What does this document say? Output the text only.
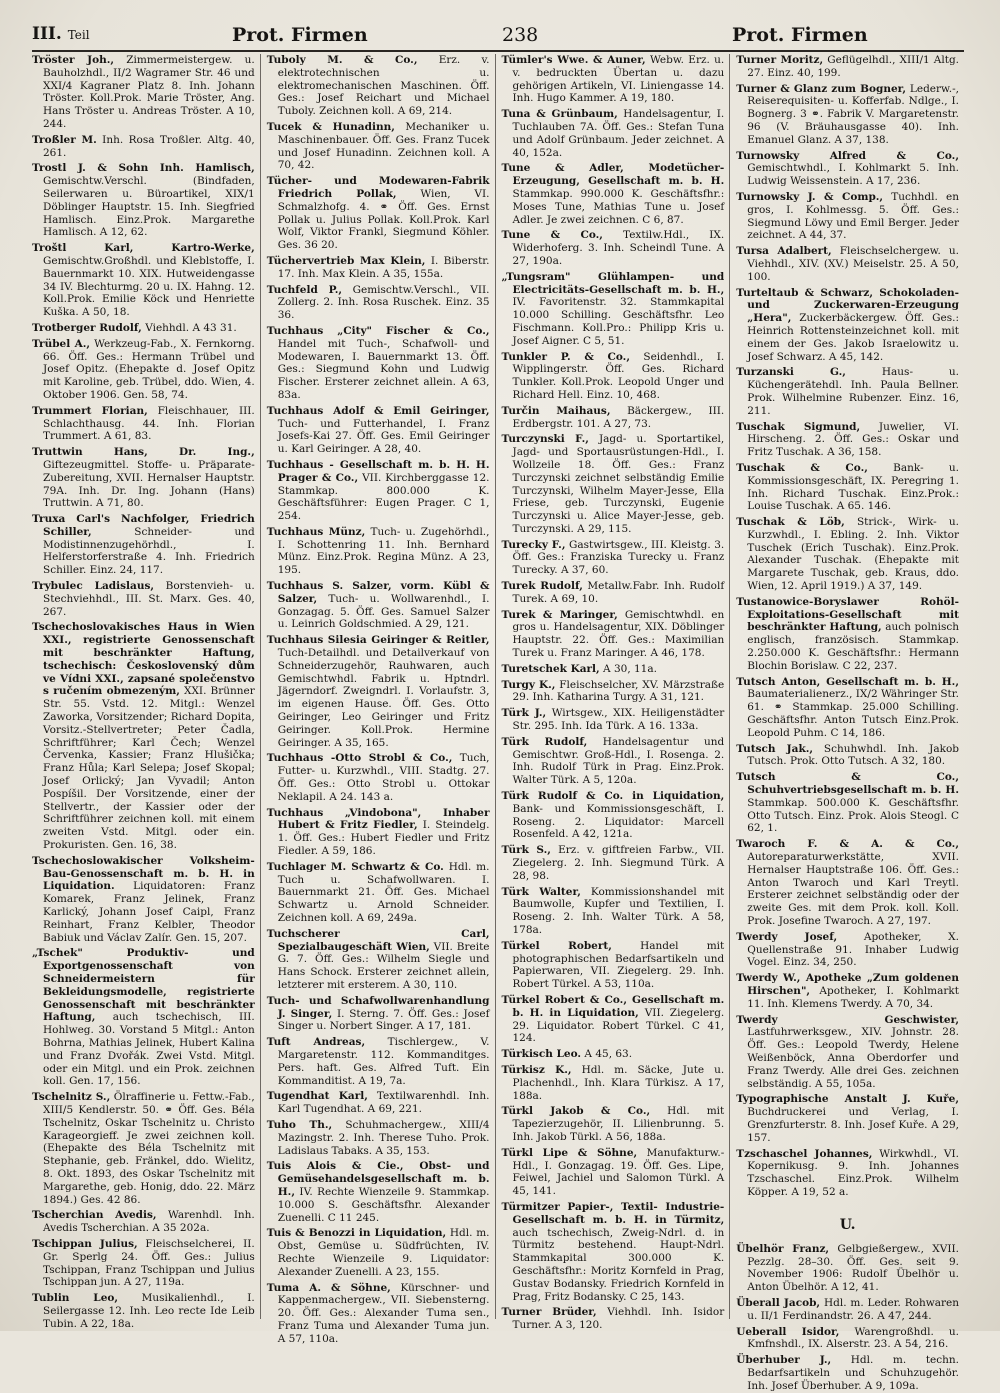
III. Teil	Prot. Firmen	238	Prot. Firmen

Tröster Joh., Zimmermeistergew. u. Bauholzhdl., II/2 Wagramer Str. 46 und XXI/4 Kagraner Platz 8. Inh. Johann Tröster. Koll.Prok. Marie Tröster, Ang. Hans Tröster u. Andreas Tröster. A 10, 244.

Troßler M. Inh. Rosa Troßler. Altg. 40, 261.

Trostl J. & Sohn Inh. Hamlisch, Gemischtw.Verschl. (Bindfaden, Seilerwaren u. Büroartikel, XIX/1 Döblinger Hauptstr. 15. Inh. Siegfried Hamlisch. Einz.Prok. Margarethe Hamlisch. A 12, 62.

Troštl Karl, Kartro-Werke, Gemischtw.Großhdl. und Kleblstoffe, I. Bauernmarkt 10. XIX. Hutweidengasse 34 IV. Blechturmg. 20 u. IX. Hahng. 12. Koll.Prok. Emilie Köck und Henriette Kuška. A 50, 18.

Trotberger Rudolf, Viehhdl. A 43 31.

Trübel A., Werkzeug-Fab., X. Fernkorng. 66. Öff. Ges.: Hermann Trübel und Josef Opitz. (Ehepakte d. Josef Opitz mit Karoline, geb. Trübel, ddo. Wien, 4. Oktober 1906. Gen. 58, 74.

Trummert Florian, Fleischhauer, III. Schlachthausg. 44. Inh. Florian Trummert. A 61, 83.

Truttwin Hans, Dr. Ing., Giftezeugmittel. Stoffe- u. Präparate-Zubereitung, XVII. Hernalser Hauptstr. 79A. Inh. Dr. Ing. Johann (Hans) Truttwin. A 71, 80.

Truxa Carl's Nachfolger, Friedrich Schiller,	Schneider- und Modistinnenzugehörhdl., I. Helferstorferstraße 4. Inh. Friedrich Schiller. Einz. 24, 117.

Trybulec Ladislaus, Borstenvieh- u. Stechviehhdl., III. St. Marx. Ges. 40, 267.

Tschechoslovakisches Haus in Wien XXI., registrierte Genossenschaft mit beschränkter Haftung, tschechisch: Československý dům ve Vídni XXI., zapsané společenstvo s ručením obmezeným, XXI. Brünner Str. 55. Vstd. 12. Mitgl.: Wenzel Zaworka, Vorsitzender; Richard Dopita, Vorsitz.-Stellvertreter; Peter Čadla, Schriftführer; Karl Čech; Wenzel Červenka, Kassier; Franz Hlušička; Franz Hůla; Karl Selepa; Josef Skopal; Josef Orlický; Jan Vyvadil; Anton Pospíšil. Der Vorsitzende, einer der Stellvertr., der Kassier oder der Schriftführer zeichnen koll. mit einem zweiten Vstd. Mitgl. oder ein. Prokuristen. Gen. 16, 38.

Tschechoslowakischer Volksheim-Bau-Genossenschaft m. b. H. in Liquidation. Liquidatoren: Franz Komarek, Franz Jelinek, Franz Karlický, Johann Josef Caipl, Franz Reinhart, Franz Kelbler, Theodor Babiuk und Václav Zalír. Gen. 15, 207.

„Tschek" Produktiv- und Exportgenossenschaft von Schneidermeistern für Bekleidungsmodelle, registrierte Genossenschaft mit beschränkter Haftung, auch tschechisch, III. Hohlweg. 30. Vorstand 5 Mitgl.: Anton Bohrna, Mathias Jelinek, Hubert Kalina und Franz Dvořák. Zwei Vstd. Mitgl. oder ein Mitgl. und ein Prok. zeichnen koll. Gen. 17, 156.

Tschelnitz S., Ölraffinerie u. Fettw.-Fab., XIII/5 Kendlerstr. 50. ⚭ Öff. Ges. Béla Tschelnitz, Oskar Tschelnitz u. Christo Karageorgieff. Je zwei zeichnen koll. (Ehepakte des Béla Tschelnitz mit Stephanie, geb. Fränkel, ddo. Wielitz, 8. Okt. 1893, des Oskar Tschelnitz mit Margarethe, geb. Honig, ddo. 22. März 1894.) Ges. 42 86.

Tscherchian Avedis, Warenhdl. Inh. Avedis Tscherchian. A 35 202a.

Tschippan Julius, Fleischselcherei, II. Gr. Sperlg 24. Öff. Ges.: Julius Tschippan, Franz Tschippan und Julius Tschippan jun. A 27, 119a.

Tublin Leo, Musikalienhdl., I. Seilergasse 12. Inh. Leo recte Ide Leib Tubin. A 22, 18a.

Tuboly M. & Co., Erz. v. elektrotechnischen u. elektromechanischen Maschinen. Öff. Ges.: Josef Reichart und Michael Tuboly. Zeichnen koll. A 69, 214.

Tucek & Hunadinn, Mechaniker u. Maschinenbauer. Öff. Ges. Franz Tucek und Josef Hunadinn. Zeichnen koll. A 70, 42.

Tücher- und Modewaren-Fabrik Friedrich Pollak, Wien, VI. Schmalzhofg. 4. ⚭ Öff. Ges. Ernst Pollak u. Julius Pollak. Koll.Prok. Karl Wolf, Viktor Frankl, Siegmund Köhler. Ges. 36 20.

Tüchervertrieb Max Klein, I. Biberstr. 17. Inh. Max Klein. A 35, 155a.

Tuchfeld P., Gemischtw.Verschl., VII. Zollerg. 2. Inh. Rosa Ruschek. Einz. 35 36.

Tuchhaus „City" Fischer & Co., Handel mit Tuch-, Schafwoll- und Modewaren, I. Bauernmarkt 13. Öff. Ges.: Siegmund Kohn und Ludwig Fischer. Ersterer zeichnet allein. A 63, 83a.

Tuchhaus Adolf & Emil Geiringer, Tuch- und Futterhandel, I. Franz Josefs-Kai 27. Öff. Ges. Emil Geiringer u. Karl Geiringer. A 28, 40.

Tuchhaus - Gesellschaft m. b. H. H. Prager & Co., VII. Kirchberggasse 12. Stammkap. 800.000 K. Geschäftsführer: Eugen Prager. C 1, 254.

Tuchhaus Münz, Tuch- u. Zugehörhdl., I. Schottenring 11. Inh. Bernhard Münz. Einz.Prok. Regina Münz. A 23, 195.

Tuchhaus S. Salzer, vorm. Kübl & Salzer, Tuch- u. Wollwarenhdl., I. Gonzagag. 5. Öff. Ges. Samuel Salzer u. Leinrich Goldschmied. A 29, 121.

Tuchhaus Silesia Geiringer & Reitler, Tuch-Detailhdl. und Detailverkauf von Schneiderzugehör, Rauhwaren, auch Gemischtwhdl. Fabrik u. Hptndrl. Jägerndorf. Zweigndrl. I. Vorlaufstr. 3, im eigenen Hause. Öff. Ges. Otto Geiringer, Leo Geiringer und Fritz Geiringer. Koll.Prok. Hermine Geiringer. A 35, 165.

Tuchhaus -Otto Strobl & Co., Tuch, Futter- u. Kurzwhdl., VIII. Stadtg. 27. Öff. Ges.: Otto Strobl u. Ottokar Neklapil. A 24. 143 a.

Tuchhaus „Vindobona", Inhaber Hubert & Fritz Fiedler, I. Steindelg. 1. Öff. Ges.: Hubert Fiedler und Fritz Fiedler. A 59, 186.

Tuchlager M. Schwartz & Co. Hdl. m. Tuch u. Schafwollwaren. I. Bauernmarkt 21. Öff. Ges. Michael Schwartz u. Arnold Schneider. Zeichnen koll. A 69, 249a.

Tuchscherer Carl, Spezialbaugeschäft Wien, VII. Breite G. 7. Öff. Ges.: Wilhelm Siegle und Hans Schock. Ersterer zeichnet allein, letzterer mit ersterem. A 30, 110.

Tuch- und Schafwollwarenhandlung J. Singer, I. Sterng. 7. Öff. Ges.: Josef Singer u. Norbert Singer. A 17, 181.

Tuft Andreas, Tischlergew., V. Margaretenstr. 112. Kommanditges. Pers. haft. Ges. Alfred Tuft. Ein Kommanditist. A 19, 7a.

Tugendhat Karl, Textilwarenhdl. Inh. Karl Tugendhat. A 69, 221.

Tuho Th., Schuhmachergew., XIII/4 Mazingstr. 2. Inh. Therese Tuho. Prok. Ladislaus Tabaks. A 35, 153.

Tuis Alois & Cie., Obst- und Gemüsehandelsgesellschaft m. b. H., IV. Rechte Wienzeile 9. Stammkap. 10.000 S. Geschäftsfhr. Alexander Zuenelli. C 11 245.

Tuis & Benozzi in Liquidation, Hdl. m. Obst, Gemüse u. Südfrüchten, IV. Rechte Wienzeile 9. Liquidator: Alexander Zuenelli. A 23, 155.

Tuma A. & Söhne, Kürschner- und Kappenmachergew., VII. Siebensterng. 20. Öff. Ges.: Alexander Tuma sen., Franz Tuma und Alexander Tuma jun. A 57, 110a.

Tümler's Wwe. & Auner, Webw. Erz. u. v. bedruckten Übertan u. dazu gehörigen Artikeln, VI. Liniengasse 14. Inh. Hugo Kammer. A 19, 180.

Tuna & Grünbaum, Handelsagentur, I. Tuchlauben 7A. Öff. Ges.: Stefan Tuna und Adolf Grünbaum. Jeder zeichnet. A 40, 152a.

Tune & Adler, Modetücher-Erzeugung, Gesellschaft m. b. H. Stammkap. 990.000 K. Geschäftsfhr.: Moses Tune, Mathias Tune u. Josef Adler. Je zwei zeichnen. C 6, 87.

Tune & Co., Textilw.Hdl., IX. Widerhoferg. 3. Inh. Scheindl Tune. A 27, 190a.

„Tungsram" Glühlampen- und Electricitäts-Gesellschaft m. b. H., IV. Favoritenstr. 32. Stammkapital 10.000 Schilling. Geschäftsfhr. Leo Fischmann. Koll.Pro.: Philipp Kris u. Josef Aigner. C 5, 51.

Tunkler P. & Co., Seidenhdl., I. Wipplingerstr. Öff. Ges. Richard Tunkler. Koll.Prok. Leopold Unger und Richard Hell. Einz. 10, 468.

Turčin Maihaus, Bäckergew., III. Erdbergstr. 101. A 27, 73.

Turczynski F., Jagd- u. Sportartikel, Jagd- und Sportausrüstungen-Hdl., I. Wollzeile 18. Öff. Ges.: Franz Turczynski zeichnet selbständig Emilie Turczynski, Wilhelm Mayer-Jesse, Ella Friese, geb. Turczynski, Eugenie Turczynski u. Alice Mayer-Jesse, geb. Turczynski. A 29, 115.

Turecky F., Gastwirtsgew., III. Kleistg. 3. Öff. Ges.: Franziska Turecky u. Franz Turecky. A 37, 60.

Turek Rudolf, Metallw.Fabr. Inh. Rudolf Turek. A 69, 10.

Turek & Maringer, Gemischtwhdl. en gros u. Handelsagentur, XIX. Döblinger Hauptstr. 22. Öff. Ges.: Maximilian Turek u. Franz Maringer. A 46, 178.

Turetschek Karl, A 30, 11a.

Turgy K., Fleischselcher, XV. Märzstraße 29. Inh. Katharina Turgy. A 31, 121.

Türk J., Wirtsgew., XIX. Heiligenstädter Str. 295. Inh. Ida Türk. A 16. 133a.

Türk Rudolf, Handelsagentur und Gemischtwr. Groß-Hdl., I. Rosenga. 2. Inh. Rudolf Türk in Prag. Einz.Prok. Walter Türk. A 5, 120a.

Türk Rudolf & Co. in Liquidation, Bank- und Kommissionsgeschäft, I. Roseng. 2. Liquidator: Marcell Rosenfeld. A 42, 121a.

Türk S., Erz. v. giftfreien Farbw., VII. Ziegelerg. 2. Inh. Siegmund Türk. A 28, 98.

Türk Walter, Kommissionshandel mit Baumwolle, Kupfer und Textilien, I. Roseng. 2. Inh. Walter Türk. A 58, 178a.

Türkel Robert,	Handel mit photographischen Bedarfsartikeln und Papierwaren, VII. Ziegelerg. 29. Inh. Robert Türkel. A 53, 110a.

Türkel Robert & Co., Gesellschaft m. b. H. in Liquidation, VII. Ziegelerg. 29. Liquidator. Robert Türkel. C 41, 124.

Türkisch Leo. A 45, 63.

Türkisz K., Hdl. m. Säcke, Jute u. Plachenhdl., Inh. Klara Türkisz. A 17, 188a.

Türkl Jakob & Co., Hdl. mit Tapezierzugehör, II. Lilienbrunng. 5. Inh. Jakob Türkl. A 56, 188a.

Türkl Lipe & Söhne, Manufakturw.-Hdl., I. Gonzagag. 19. Öff. Ges. Lipe, Feiwel, Jachiel und Salomon Türkl. A 45, 141.

Türmitzer Papier-, Textil- Industrie-Gesellschaft m. b. H. in Türmitz, auch tschechisch, Zweig-Ndrl. d. in Türmitz bestehend. Haupt-Ndrl. Stammkapital 300.000 K. Geschäftsfhr.: Moritz Kornfeld in Prag, Gustav Bodansky. Friedrich Kornfeld in Prag, Fritz Bodansky. C 25, 143.

Turner Brüder, Viehhdl. Inh. Isidor Turner. A 3, 120.

Turner Moritz, Geflügelhdl., XIII/1 Altg. 27. Einz. 40, 199.

Turner & Glanz zum Bogner, Lederw.-, Reiserequisiten- u. Kofferfab. Ndlge., I. Bognerg. 3 ⚭. Fabrik V. Margaretenstr. 96 (V. Bräuhausgasse 40). Inh. Emanuel Glanz. A 37, 138.

Turnowsky Alfred & Co., Gemischtwhdl., I. Kohlmarkt 5. Inh. Ludwig Weissenstein. A 17, 236.

Turnowsky J. & Comp., Tuchhdl. en gros, I. Kohlmessg. 5. Öff. Ges.: Siegmund Löwy und Emil Berger. Jeder zeichnet. A 44, 37.

Tursa Adalbert, Fleischselchergew. u. Viehhdl., XIV. (XV.) Meiselstr. 25. A 50, 100.

Turteltaub & Schwarz, Schokoladen- und Zuckerwaren-Erzeugung „Hera", Zuckerbäckergew. Öff. Ges.: Heinrich Rottensteinzeichnet koll. mit einem der Ges. Jakob Israelowitz u. Josef Schwarz. A 45, 142.

Turzanski G.,	Haus- u. Küchengerätehdl. Inh. Paula Bellner. Prok. Wilhelmine Rubenzer. Einz. 16, 211.

Tuschak Sigmund, Juwelier, VI. Hirscheng. 2. Öff. Ges.: Oskar und Fritz Tuschak. A 36, 158.

Tuschak & Co., Bank- u. Kommissionsgeschäft, IX. Peregring 1. Inh. Richard Tuschak. Einz.Prok.: Louise Tuschak. A 65. 146.

Tuschak & Löb, Strick-, Wirk- u. Kurzwhdl., I. Ebling. 2. Inh. Viktor Tuschek (Erich Tuschak). Einz.Prok. Alexander Tuschak. (Ehepakte mit Margarete Tuschak, geb. Kraus, ddo. Wien, 12. April 1919.) A 37, 149.

Tustanowice-Boryslawer Rohöl-Exploitations-Gesellschaft mit beschränkter Haftung, auch polnisch englisch, französisch. Stammkap. 2.250.000 K. Geschäftsfhr.: Hermann Blochin Borislaw. C 22, 237.

Tutsch Anton, Gesellschaft m. b. H., Baumaterialienerz., IX/2 Währinger Str. 61. ⚭ Stammkap. 25.000 Schilling. Geschäftsfhr. Anton Tutsch Einz.Prok. Leopold Puhm. C 14, 186.

Tutsch Jak., Schuhwhdl. Inh. Jakob Tutsch. Prok. Otto Tutsch. A 32, 180.

Tutsch & Co., Schuhvertriebsgesellschaft m. b. H. Stammkap. 500.000 K. Geschäftsfhr. Otto Tutsch. Einz. Prok. Alois Steogl. C 62, 1.

Twaroch F. & A. & Co., Autoreparaturwerkstätte, XVII. Hernalser Hauptstraße 106. Öff. Ges.: Anton Twaroch und Karl Treytl. Ersterer zeichnet selbständig oder der zweite Ges. mit dem Prok. koll. Koll. Prok. Josefine Twaroch. A 27, 197.

Twerdy Josef,	Apotheker, X. Quellenstraße 91. Inhaber Ludwig Vogel. Einz. 34, 250.

Twerdy W., Apotheke „Zum goldenen Hirschen", Apotheker, I. Kohlmarkt 11. Inh. Klemens Twerdy. A 70, 34.

Twerdy Geschwister, Lastfuhrwerksgew., XIV. Johnstr. 28. Öff. Ges.: Leopold Twerdy, Helene Weißenböck, Anna Oberdorfer und Franz Twerdy. Alle drei Ges. zeichnen selbständig. A 55, 105a.

Typographische Anstalt J. Kuře, Buchdruckerei und Verlag, I. Grenzfurterstr. 8. Inh. Josef Kuře. A 29, 157.

Tzschaschel Johannes, Wirkwhdl., VI. Kopernikusg. 9. Inh. Johannes Tzschaschel. Einz.Prok. Wilhelm Köpper. A 19, 52 a.

U.

Übelhör Franz, Gelbgießergew., XVII. Pezzlg. 28–30. Öff. Ges. seit 9. November 1906: Rudolf Übelhör u. Anton Übelhör. A 12, 41.

Überall Jacob, Hdl. m. Leder. Rohwaren u. II/1 Ferdinandstr. 26. A 47, 244.

Ueberall Isidor, Warengroßhdl. u. Kmfnshdl., IX. Alserstr. 23. A 54, 216.

Überhuber J., Hdl. m. techn. Bedarfsartikeln und Schuhzugehör. Inh. Josef Überhuber. A 9, 109a.
